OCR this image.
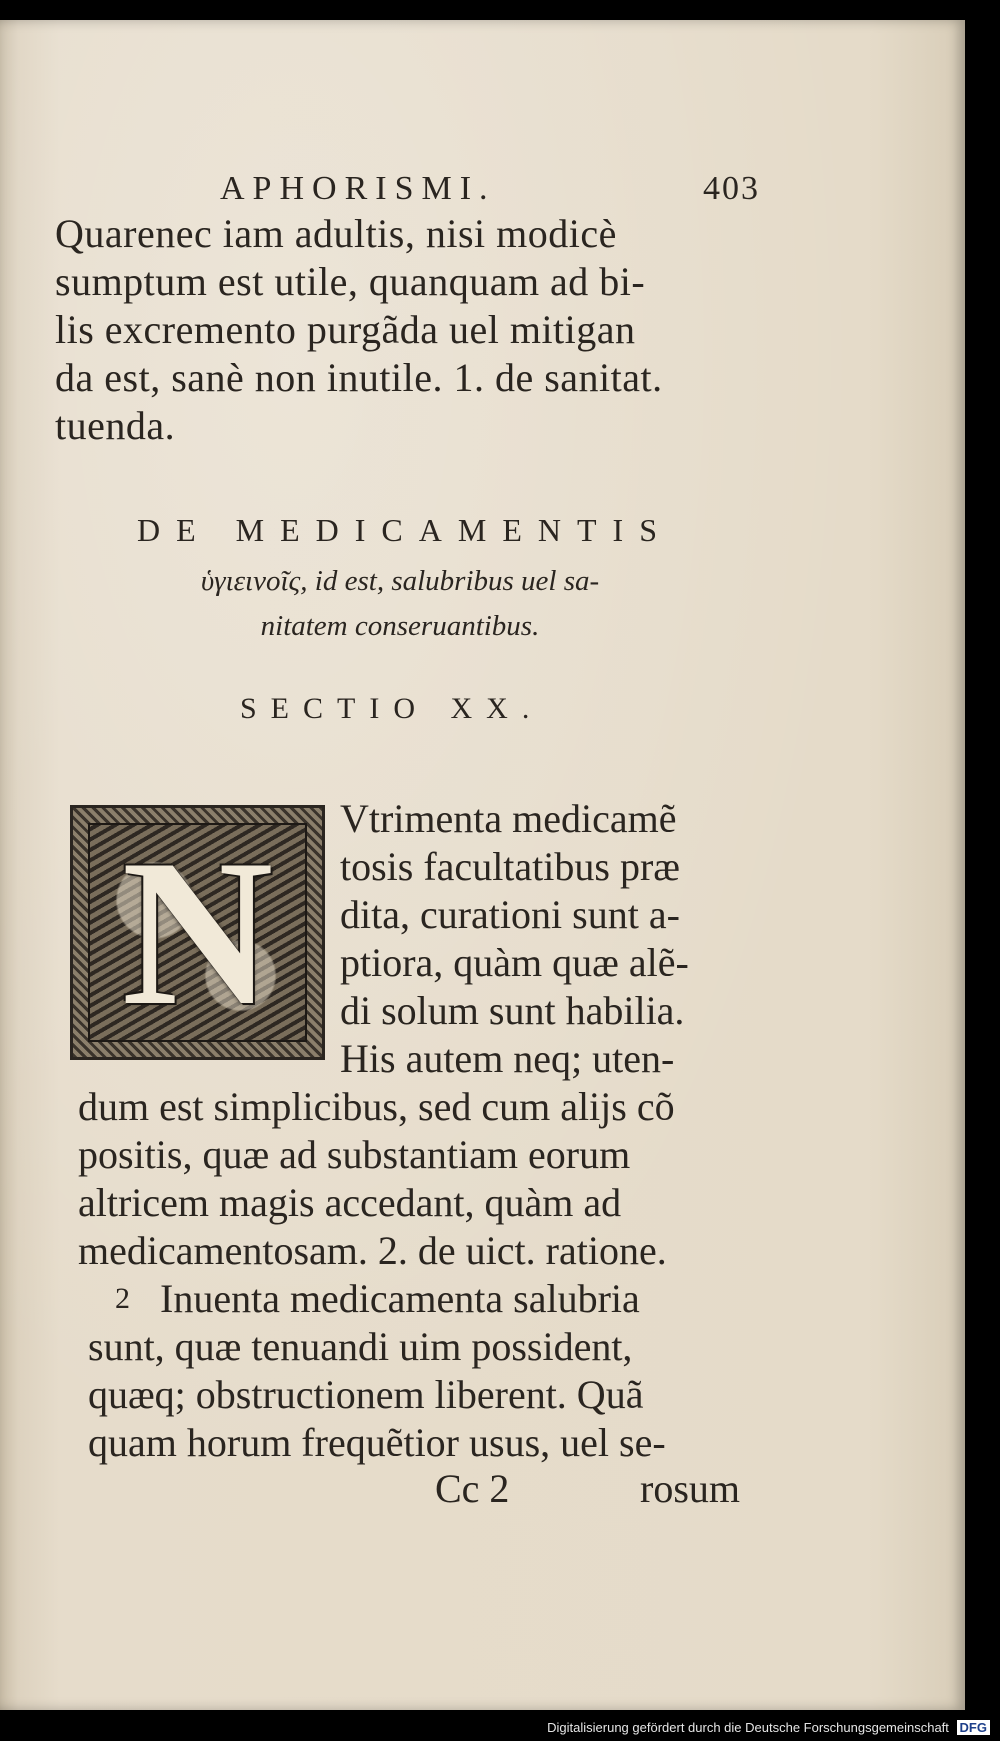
APHORISMI.	403
Quarenec iam adultis, nisi modicè
sumptum est utile, quanquam ad bi-
lis excremento purgãda uel mitigan
da est, sanè non inutile. 1. de sanitat.
tuenda.
DE MEDICAMENTIS
ὑγιεινοῖς, id est, salubribus uel sa-
nitatem conseruantibus.
SECTIO XX.
N Vtrimenta medicamẽ
tosis facultatibus præ
dita, curationi sunt a-
ptiora, quàm quæ alẽ-
di solum sunt habilia.
His autem neq; uten-
dum est simplicibus, sed cum aliјs cõ
positis, quæ ad substantiam eorum
altricem magis accedant, quàm ad
medicamentosam. 2. de uict. ratione.
2 Inuenta medicamenta salubria
sunt, quæ tenuandi uim possident,
quæq; obstructionem liberent. Quã
quam horum frequẽtior usus, uel se-
Cc 2	rosum
Digitalisierung gefördert durch die Deutsche Forschungsgemeinschaft DFG
